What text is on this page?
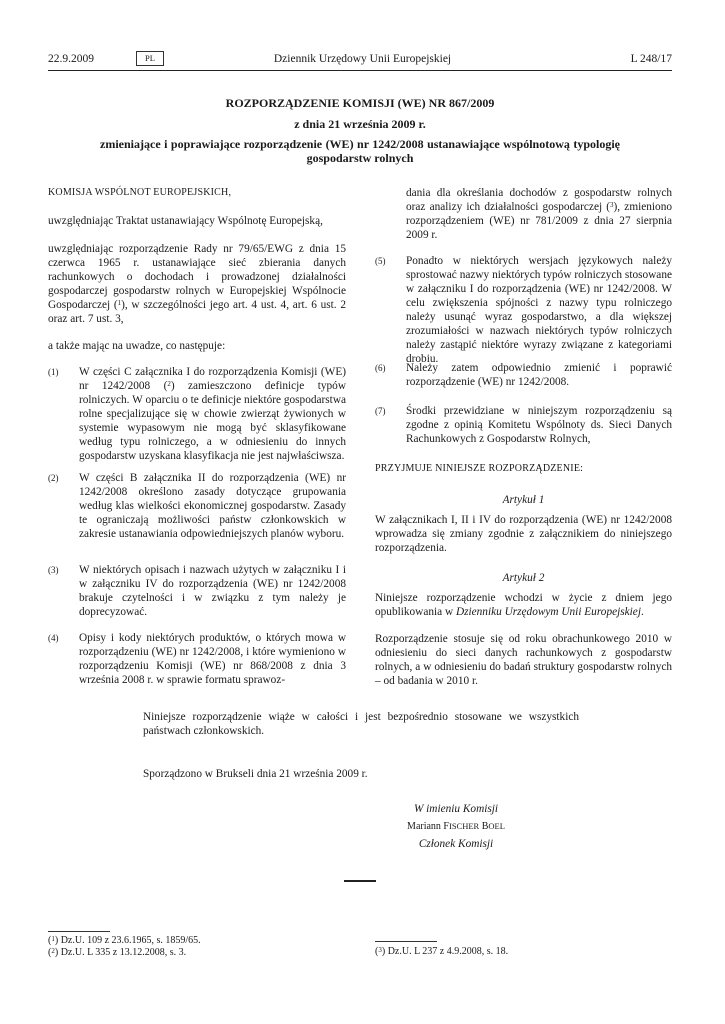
22.9.2009	PL	Dziennik Urzędowy Unii Europejskiej	L 248/17
ROZPORZĄDZENIE KOMISJI (WE) NR 867/2009
z dnia 21 września 2009 r.
zmieniające i poprawiające rozporządzenie (WE) nr 1242/2008 ustanawiające wspólnotową typologię gospodarstw rolnych

KOMISJA WSPÓLNOT EUROPEJSKICH,

uwzględniając Traktat ustanawiający Wspólnotę Europejską,

uwzględniając rozporządzenie Rady nr 79/65/EWG z dnia 15 czerwca 1965 r. ustanawiające sieć zbierania danych rachunkowych o dochodach i prowadzonej działalności gospodarczej gospodarstw rolnych w Europejskiej Wspólnocie Gospodarczej ($^1$), w szczególności jego art. 4 ust. 4, art. 6 ust. 2 oraz art. 7 ust. 3,

a także mając na uwadze, co następuje:

(1) W części C załącznika I do rozporządzenia Komisji (WE) nr 1242/2008 ($^2$) zamieszczono definicje typów rolniczych. W oparciu o te definicje niektóre gospodarstwa rolne specjalizujące się w chowie zwierząt żywionych w systemie wypasowym nie mogą być sklasyfikowane według typu rolniczego, a w odniesieniu do innych gospodarstw uzyskana klasyfikacja nie jest najwłaściwsza.

(2) W części B załącznika II do rozporządzenia (WE) nr 1242/2008 określono zasady dotyczące grupowania według klas wielkości ekonomicznej gospodarstw. Zasady te ograniczają możliwości państw członkowskich w zakresie ustanawiania odpowiedniejszych planów wyboru.

(3) W niektórych opisach i nazwach użytych w załączniku I i w załączniku IV do rozporządzenia (WE) nr 1242/2008 brakuje czytelności i w związku z tym należy je doprecyzować.

(4) Opisy i kody niektórych produktów, o których mowa w rozporządzeniu (WE) nr 1242/2008, i które wymieniono w rozporządzeniu Komisji (WE) nr 868/2008 z dnia 3 września 2008 r. w sprawie formatu sprawoz-

dania dla określania dochodów z gospodarstw rolnych oraz analizy ich działalności gospodarczej ($^3$), zmieniono rozporządzeniem (WE) nr 781/2009 z dnia 27 sierpnia 2009 r.

(5) Ponadto w niektórych wersjach językowych należy sprostować nazwy niektórych typów rolniczych stosowane w załączniku I do rozporządzenia (WE) nr 1242/2008. W celu zwiększenia spójności z nazwy typu rolniczego należy usunąć wyraz gospodarstwo, a dla większej zrozumiałości w nazwach niektórych typów rolniczych należy zastąpić niektóre wyrazy związane z kategoriami drobiu.

(6) Należy zatem odpowiednio zmienić i poprawić rozporządzenie (WE) nr 1242/2008.

(7) Środki przewidziane w niniejszym rozporządzeniu są zgodne z opinią Komitetu Wspólnoty ds. Sieci Danych Rachunkowych z Gospodarstw Rolnych,

PRZYJMUJE NINIEJSZE ROZPORZĄDZENIE:

Artykuł 1

W załącznikach I, II i IV do rozporządzenia (WE) nr 1242/2008 wprowadza się zmiany zgodnie z załącznikiem do niniejszego rozporządzenia.

Artykuł 2

Niniejsze rozporządzenie wchodzi w życie z dniem jego opublikowania w Dzienniku Urzędowym Unii Europejskiej.

Rozporządzenie stosuje się od roku obrachunkowego 2010 w odniesieniu do sieci danych rachunkowych z gospodarstw rolnych, a w odniesieniu do badań struktury gospodarstw rolnych – od badania w 2010 r.

Niniejsze rozporządzenie wiąże w całości i jest bezpośrednio stosowane we wszystkich państwach członkowskich.

Sporządzono w Brukseli dnia 21 września 2009 r.

W imieniu Komisji

Mariann FISCHER BOEL

Członek Komisji

($^1$) Dz.U. 109 z 23.6.1965, s. 1859/65.
($^2$) Dz.U. L 335 z 13.12.2008, s. 3.	($^3$) Dz.U. L 237 z 4.9.2008, s. 18.
